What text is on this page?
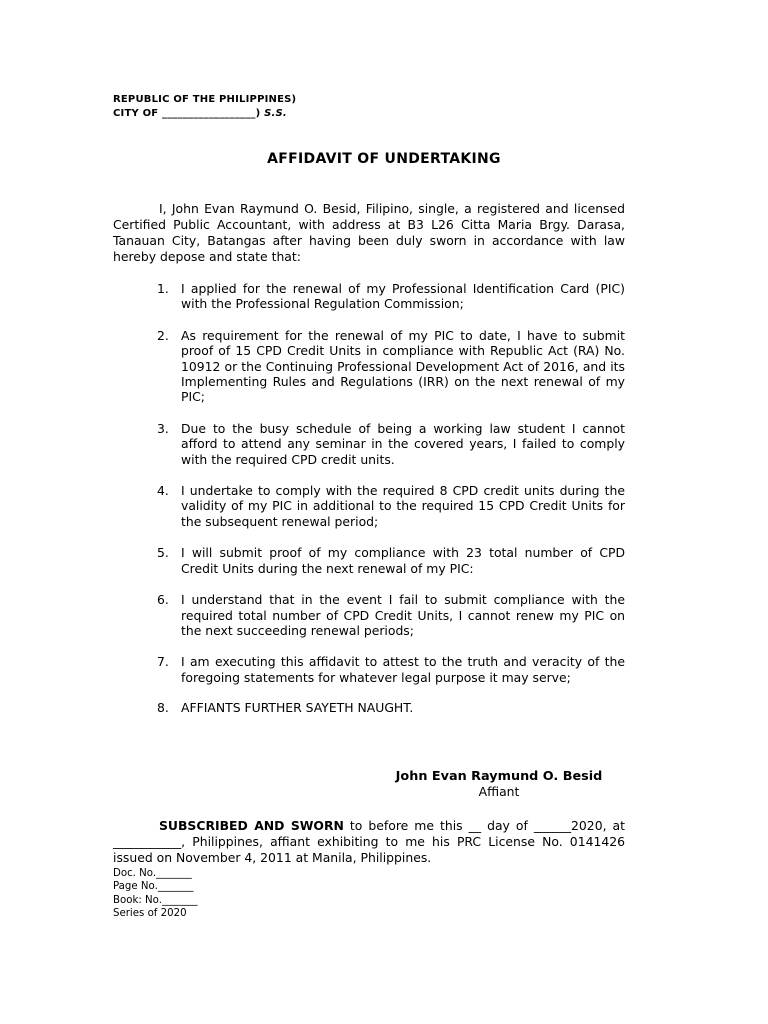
REPUBLIC OF THE PHILIPPINES)
CITY OF __________________) S.S.
AFFIDAVIT OF UNDERTAKING

I, John Evan Raymund O. Besid, Filipino, single, a registered and licensed Certified Public Accountant, with address at B3 L26 Citta Maria Brgy. Darasa, Tanauan City, Batangas after having been duly sworn in accordance with law hereby depose and state that:

1. I applied for the renewal of my Professional Identification Card (PIC) with the Professional Regulation Commission;
2. As requirement for the renewal of my PIC to date, I have to submit proof of 15 CPD Credit Units in compliance with Republic Act (RA) No. 10912 or the Continuing Professional Development Act of 2016, and its Implementing Rules and Regulations (IRR) on the next renewal of my PIC;
3. Due to the busy schedule of being a working law student I cannot afford to attend any seminar in the covered years, I failed to comply with the required CPD credit units.
4. I undertake to comply with the required 8 CPD credit units during the validity of my PIC in additional to the required 15 CPD Credit Units for the subsequent renewal period;
5. I will submit proof of my compliance with 23 total number of CPD Credit Units during the next renewal of my PIC:
6. I understand that in the event I fail to submit compliance with the required total number of CPD Credit Units, I cannot renew my PIC on the next succeeding renewal periods;
7. I am executing this affidavit to attest to the truth and veracity of the foregoing statements for whatever legal purpose it may serve;
8. AFFIANTS FURTHER SAYETH NAUGHT.
John Evan Raymund O. Besid
Affiant

SUBSCRIBED AND SWORN to before me this __ day of ______2020, at ___________, Philippines, affiant exhibiting to me his PRC License No. 0141426 issued on November 4, 2011 at Manila, Philippines.

Doc. No._______
Page No._______
Book: No._______
Series of 2020
